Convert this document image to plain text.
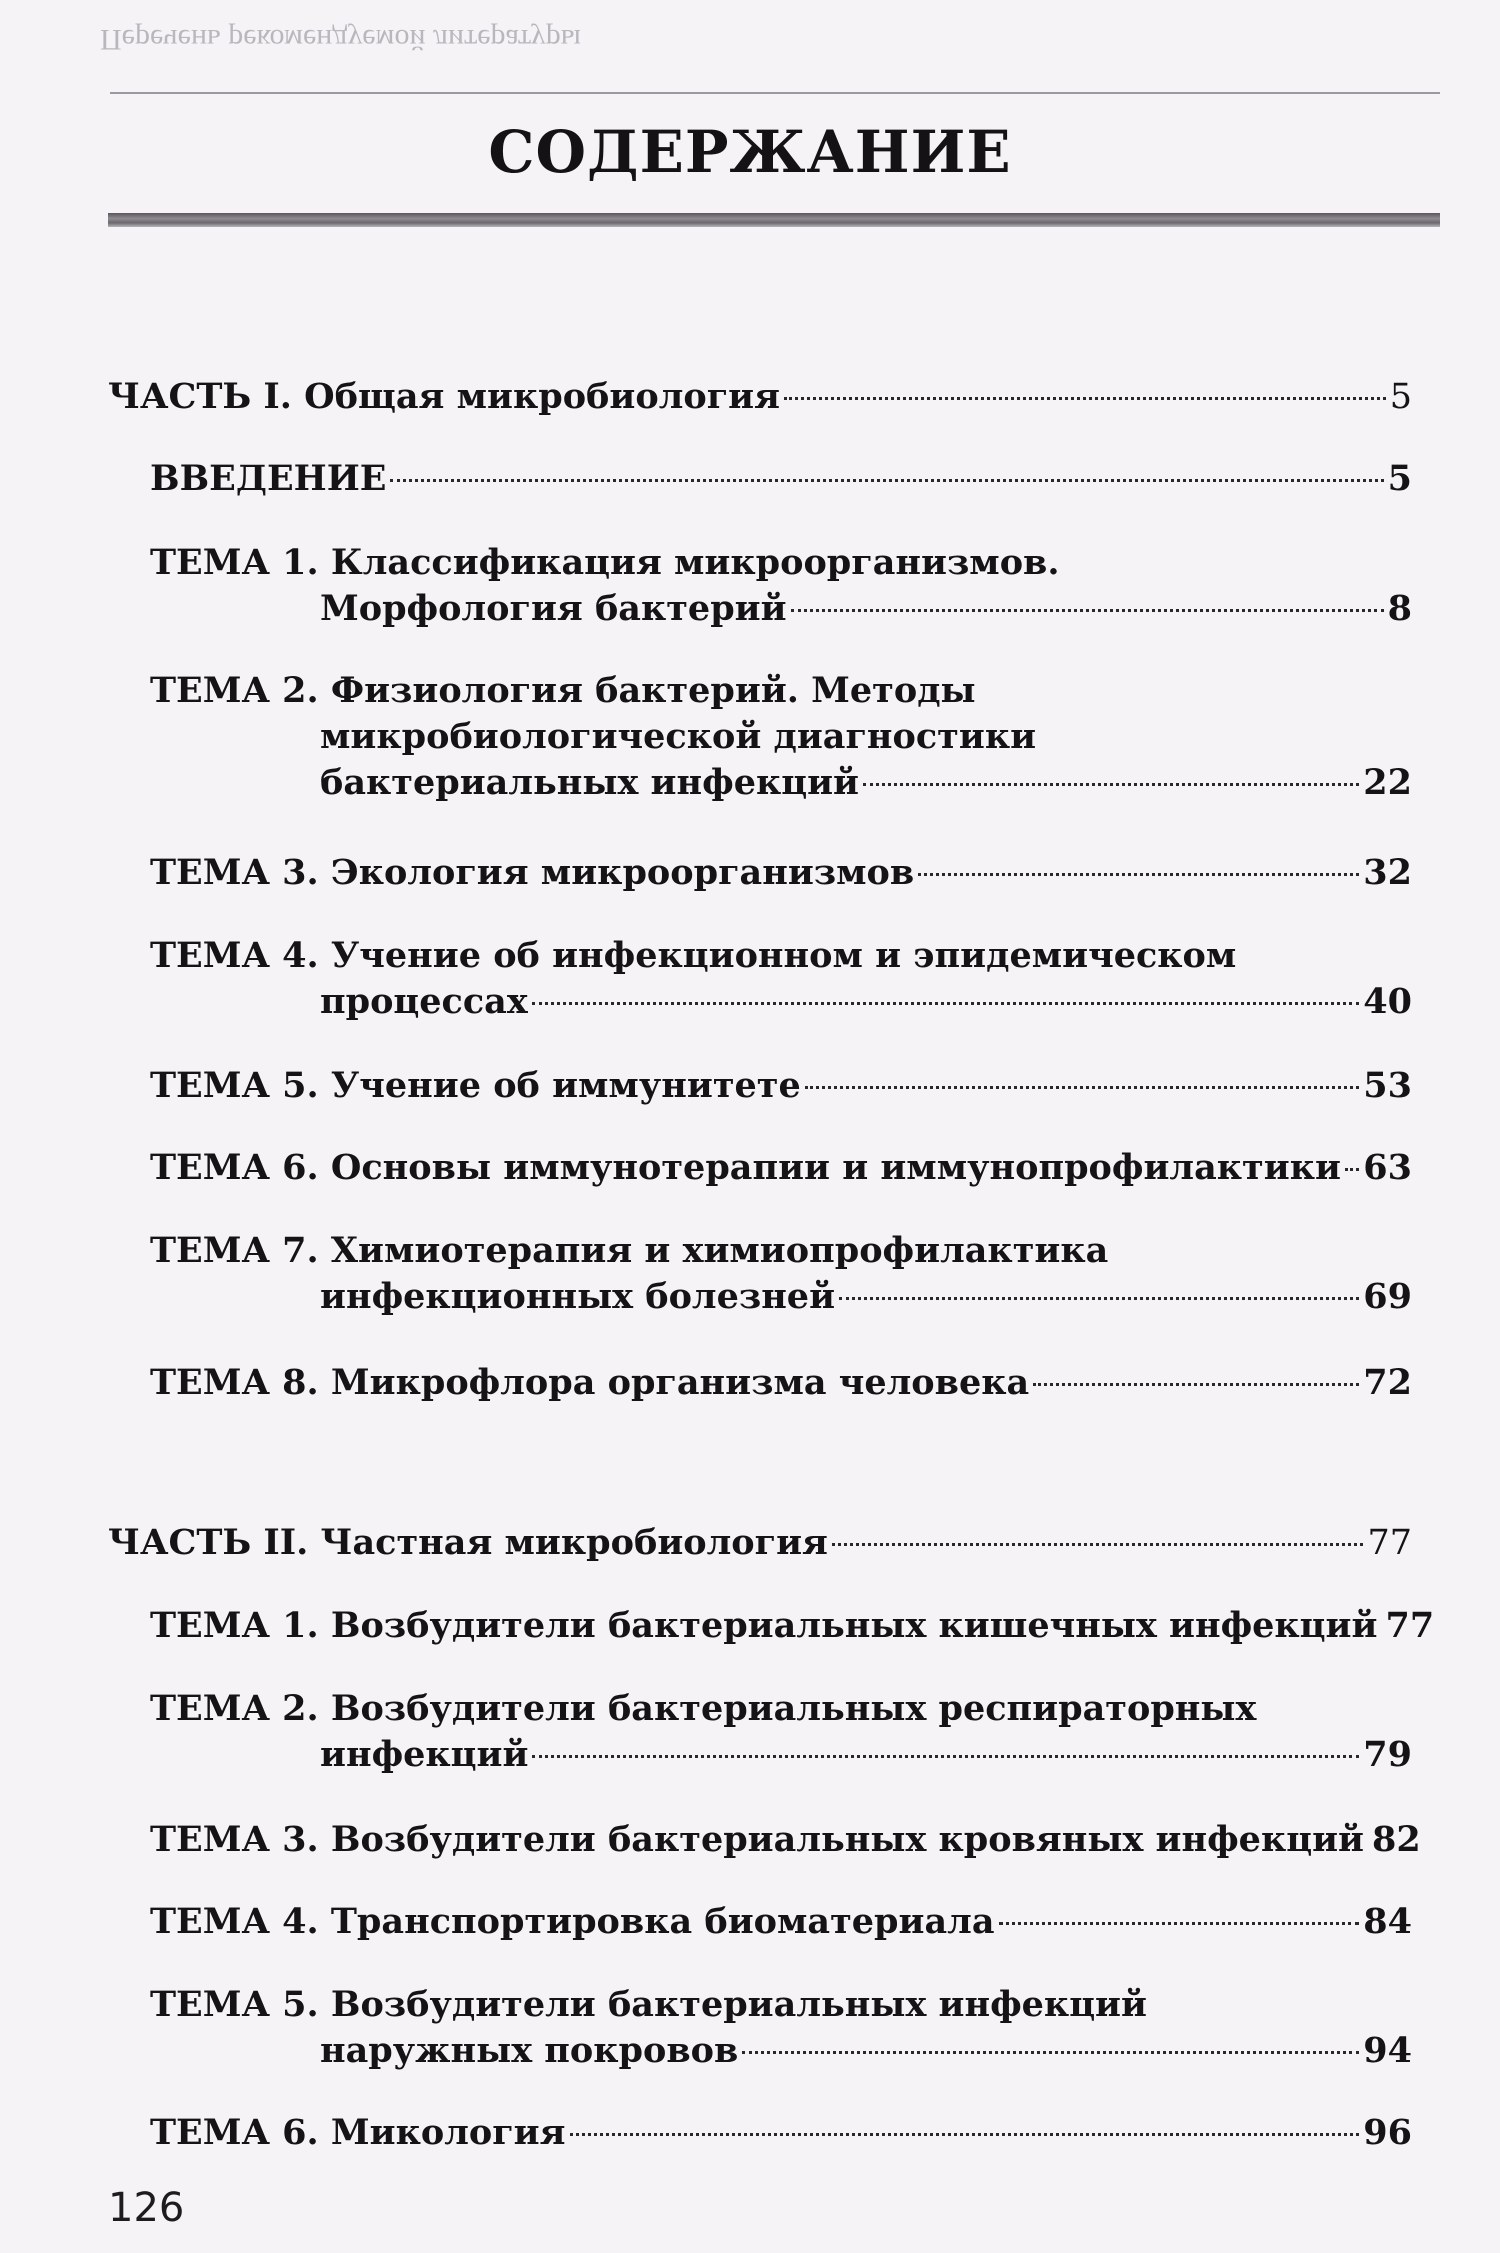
Перечень рекомендуемой литературы
СОДЕРЖАНИЕ
ЧАСТЬ I. Общая микробиология	5
ВВЕДЕНИЕ	5
ТЕМА 1. Классификация микроорганизмов.
Морфология бактерий	8
ТЕМА 2. Физиология бактерий. Методы
микробиологической диагностики
бактериальных инфекций	22
ТЕМА 3. Экология микроорганизмов	32
ТЕМА 4. Учение об инфекционном и эпидемическом
процессах	40
ТЕМА 5. Учение об иммунитете	53
ТЕМА 6. Основы иммунотерапии и иммунопрофилактики 63
ТЕМА 7. Химиотерапия и химиопрофилактика
инфекционных болезней	69
ТЕМА 8. Микрофлора организма человека	72
ЧАСТЬ II. Частная микробиология	77
ТЕМА 1. Возбудители бактериальных кишечных инфекций 77
ТЕМА 2. Возбудители бактериальных респираторных
инфекций	79
ТЕМА 3. Возбудители бактериальных кровяных инфекций 82
ТЕМА 4. Транспортировка биоматериала	84
ТЕМА 5. Возбудители бактериальных инфекций
наружных покровов	94
ТЕМА 6. Микология	96
126
